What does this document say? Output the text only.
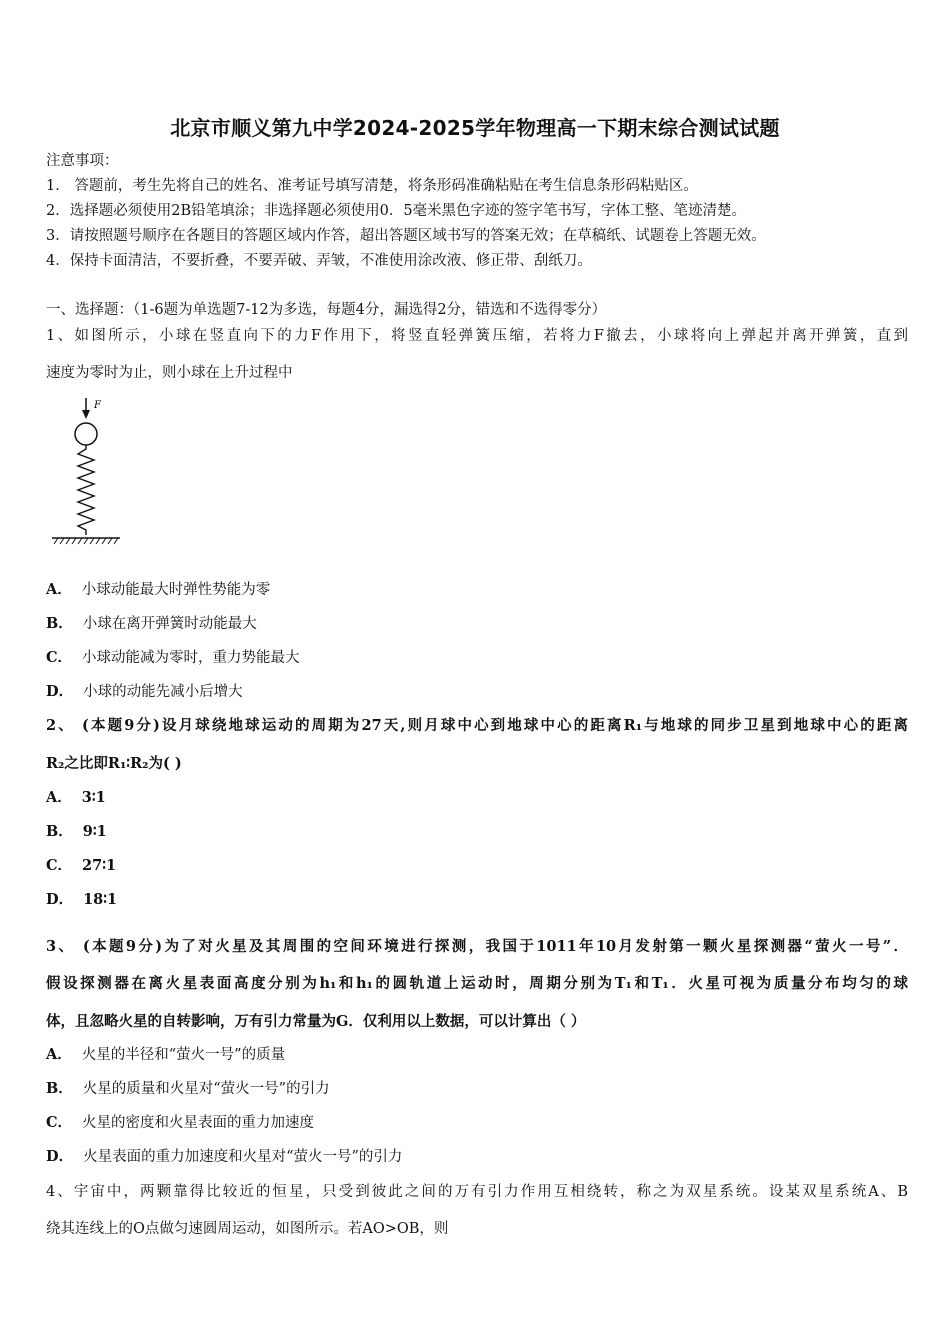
北京市顺义第九中学2024-2025学年物理高一下期末综合测试试题
注意事项：
1． 答题前，考生先将自己的姓名、准考证号填写清楚，将条形码准确粘贴在考生信息条形码粘贴区。
2．选择题必须使用2B铅笔填涂；非选择题必须使用0．5毫米黑色字迹的签字笔书写，字体工整、笔迹清楚。
3．请按照题号顺序在各题目的答题区域内作答，超出答题区域书写的答案无效；在草稿纸、试题卷上答题无效。
4．保持卡面清洁，不要折叠，不要弄破、弄皱，不准使用涂改液、修正带、刮纸刀。
一、选择题：（1-6题为单选题7-12为多选，每题4分，漏选得2分，错选和不选得零分）
1、如图所示，小球在竖直向下的力F作用下，将竖直轻弹簧压缩，若将力F撤去，小球将向上弹起并离开弹簧，直到
速度为零时为止，则小球在上升过程中
F
A． 小球动能最大时弹性势能为零
B． 小球在离开弹簧时动能最大
C． 小球动能减为零时，重力势能最大
D． 小球的动能先减小后增大
2、 (本题9分)设月球绕地球运动的周期为27天,则月球中心到地球中心的距离R₁与地球的同步卫星到地球中心的距离
R₂之比即R₁∶R₂为( )
A． 3∶1
B． 9∶1
C． 27∶1
D． 18∶1
3、 (本题9分)为了对火星及其周围的空间环境进行探测，我国于1011年10月发射第一颗火星探测器“萤火一号”．
假设探测器在离火星表面高度分别为h₁和h₁的圆轨道上运动时，周期分别为T₁和T₁．火星可视为质量分布均匀的球
体，且忽略火星的自转影响，万有引力常量为G．仅利用以上数据，可以计算出（ ）
A． 火星的半径和“萤火一号”的质量
B． 火星的质量和火星对“萤火一号”的引力
C． 火星的密度和火星表面的重力加速度
D． 火星表面的重力加速度和火星对“萤火一号”的引力
4、宇宙中，两颗靠得比较近的恒星，只受到彼此之间的万有引力作用互相绕转，称之为双星系统。设某双星系统A、B
绕其连线上的O点做匀速圆周运动，如图所示。若AO>OB，则
